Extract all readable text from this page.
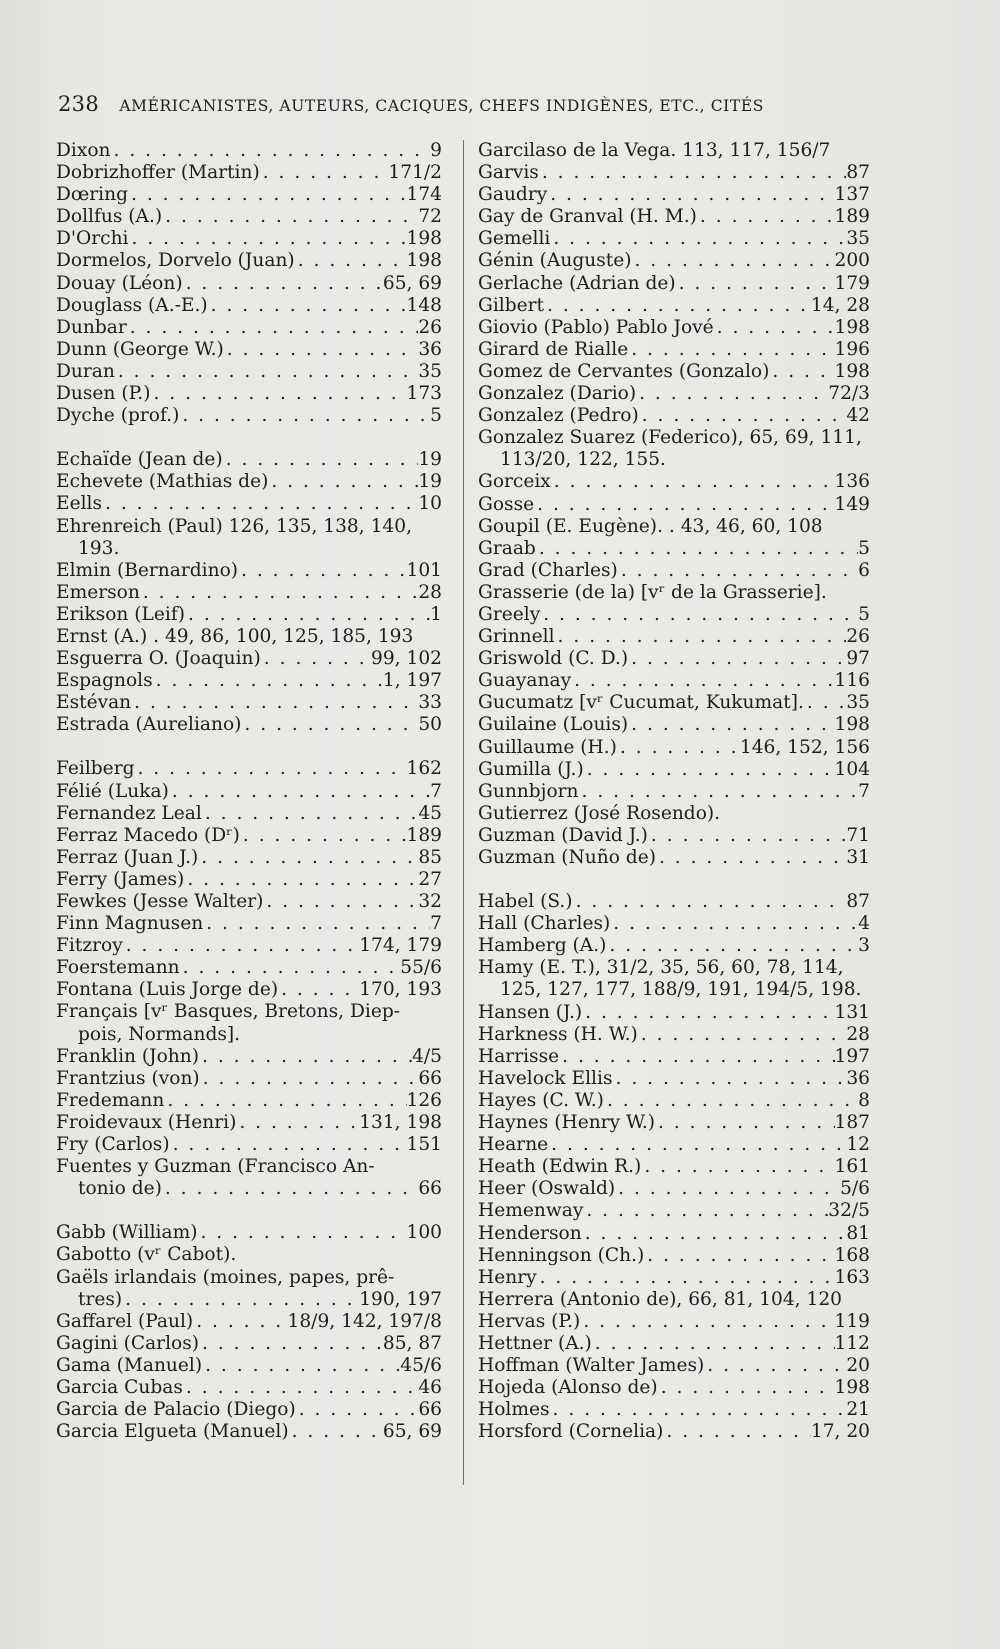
238 AMÉRICANISTES, AUTEURS, CACIQUES, CHEFS INDIGÈNES, ETC., CITÉS
Dixon . . .	9
Dobrizhoffer (Martin) . . .	171/2
Dœring . . .	174
Dollfus (A.) . . .	72
D'Orchi . . .	198
Dormelos, Dorvelo (Juan) . . .	198
Douay (Léon) . . .	65, 69
Douglass (A.-E.) . . .	148
Dunbar . . .	26
Dunn (George W.) . . .	36
Duran . . .	35
Dusen (P.) . . .	173
Dyche (prof.) . . .	5
Echaïde (Jean de) . . .	19
Echevete (Mathias de) . . .	19
Eells . . .	10
Ehrenreich (Paul) 126, 135, 138, 140,
193.
Elmin (Bernardino) . . .	101
Emerson . . .	28
Erikson (Leif) . . .	1
Ernst (A.) . 49, 86, 100, 125, 185, 193
Esguerra O. (Joaquin) . . .	99, 102
Espagnols . . .	1, 197
Estévan . . .	33
Estrada (Aureliano) . . .	50
Feilberg . . .	162
Félié (Luka) . . .	7
Fernandez Leal . . .	45
Ferraz Macedo (Dʳ) . . .	189
Ferraz (Juan J.) . . .	85
Ferry (James) . . .	27
Fewkes (Jesse Walter) . . .	32
Finn Magnusen . . .	7
Fitzroy . . .	174, 179
Foerstemann . . .	55/6
Fontana (Luis Jorge de) . . .	170, 193
Français [vʳ Basques, Bretons, Diep-
pois, Normands].
Franklin (John) . . .	4/5
Frantzius (von) . . .	66
Fredemann . . .	126
Froidevaux (Henri) . . .	131, 198
Fry (Carlos) . . .	151
Fuentes y Guzman (Francisco An-
tonio de) . . .	66
Gabb (William) . . .	100
Gabotto (vʳ Cabot).
Gaëls irlandais (moines, papes, prê-
tres) . . .	190, 197
Gaffarel (Paul) . . .	18/9, 142, 197/8
Gagini (Carlos) . . .	85, 87
Gama (Manuel) . . .	45/6
Garcia Cubas . . .	46
Garcia de Palacio (Diego) . . .	66
Garcia Elgueta (Manuel) . . .	65, 69
Garcilaso de la Vega. 113, 117, 156/7
Garvis . . .	87
Gaudry . . .	137
Gay de Granval (H. M.) . . .	189
Gemelli . . .	35
Génin (Auguste) . . .	200
Gerlache (Adrian de) . . .	179
Gilbert . . .	14, 28
Giovio (Pablo) Pablo Jové . . .	198
Girard de Rialle . . .	196
Gomez de Cervantes (Gonzalo) . . .	198
Gonzalez (Dario) . . .	72/3
Gonzalez (Pedro) . . .	42
Gonzalez Suarez (Federico), 65, 69, 111,
113/20, 122, 155.
Gorceix . . .	136
Gosse . . .	149
Goupil (E. Eugène). . 43, 46, 60, 108
Graab . . .	5
Grad (Charles) . . .	6
Grasserie (de la) [vʳ de la Grasserie].
Greely . . .	5
Grinnell . . .	26
Griswold (C. D.) . . .	97
Guayanay . . .	116
Gucumatz [vʳ Cucumat, Kukumat]. . . . 35
Guilaine (Louis) . . .	198
Guillaume (H.) . . .	146, 152, 156
Gumilla (J.) . . .	104
Gunnbjorn . . .	7
Gutierrez (José Rosendo).
Guzman (David J.) . . .	71
Guzman (Nuño de) . . .	31
Habel (S.) . . .	87
Hall (Charles) . . .	4
Hamberg (A.) . . .	3
Hamy (E. T.), 31/2, 35, 56, 60, 78, 114,
125, 127, 177, 188/9, 191, 194/5, 198.
Hansen (J.) . . .	131
Harkness (H. W.) . . .	28
Harrisse . . .	197
Havelock Ellis . . .	36
Hayes (C. W.) . . .	8
Haynes (Henry W.) . . .	187
Hearne . . .	12
Heath (Edwin R.) . . .	161
Heer (Oswald) . . .	5/6
Hemenway . . .	32/5
Henderson . . .	81
Henningson (Ch.) . . .	168
Henry . . .	163
Herrera (Antonio de), 66, 81, 104, 120
Hervas (P.) . . .	119
Hettner (A.) . . .	112
Hoffman (Walter James) . . .	20
Hojeda (Alonso de) . . .	198
Holmes . . .	21
Horsford (Cornelia) . . .	17, 20
